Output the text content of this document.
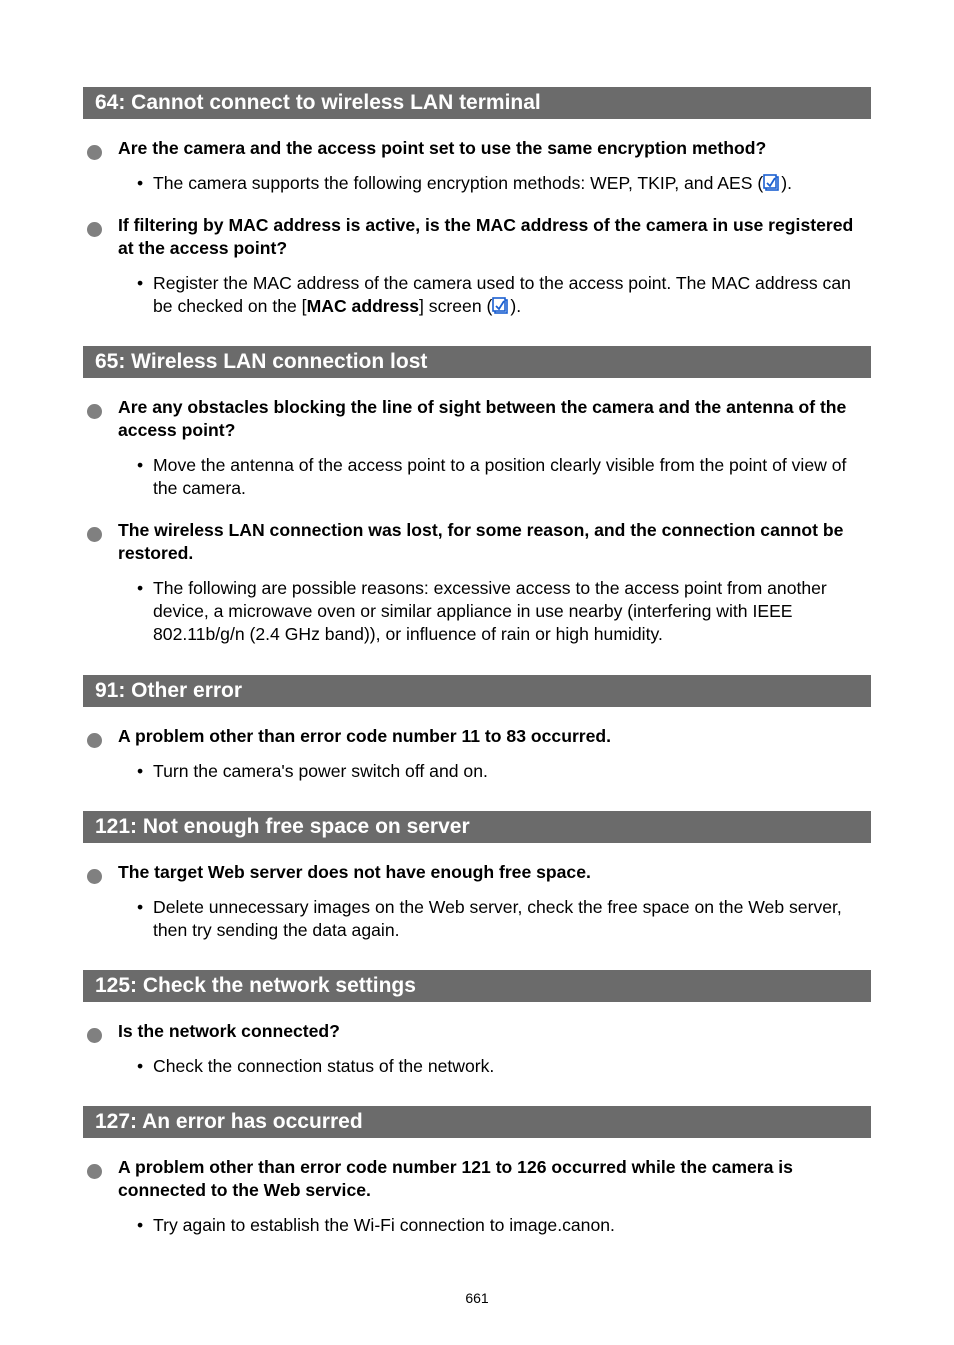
64: Cannot connect to wireless LAN terminal
Are the camera and the access point set to use the same encryption method?
• The camera supports the following encryption methods: WEP, TKIP, and AES ( ).
If filtering by MAC address is active, is the MAC address of the camera in use registered at the access point?
• Register the MAC address of the camera used to the access point. The MAC address can be checked on the [MAC address] screen ( ).
65: Wireless LAN connection lost
Are any obstacles blocking the line of sight between the camera and the antenna of the access point?
• Move the antenna of the access point to a position clearly visible from the point of view of the camera.
The wireless LAN connection was lost, for some reason, and the connection cannot be restored.
• The following are possible reasons: excessive access to the access point from another device, a microwave oven or similar appliance in use nearby (interfering with IEEE 802.11b/g/n (2.4 GHz band)), or influence of rain or high humidity.
91: Other error
A problem other than error code number 11 to 83 occurred.
• Turn the camera's power switch off and on.
121: Not enough free space on server
The target Web server does not have enough free space.
• Delete unnecessary images on the Web server, check the free space on the Web server, then try sending the data again.
125: Check the network settings
Is the network connected?
• Check the connection status of the network.
127: An error has occurred
A problem other than error code number 121 to 126 occurred while the camera is connected to the Web service.
• Try again to establish the Wi-Fi connection to image.canon.
661
